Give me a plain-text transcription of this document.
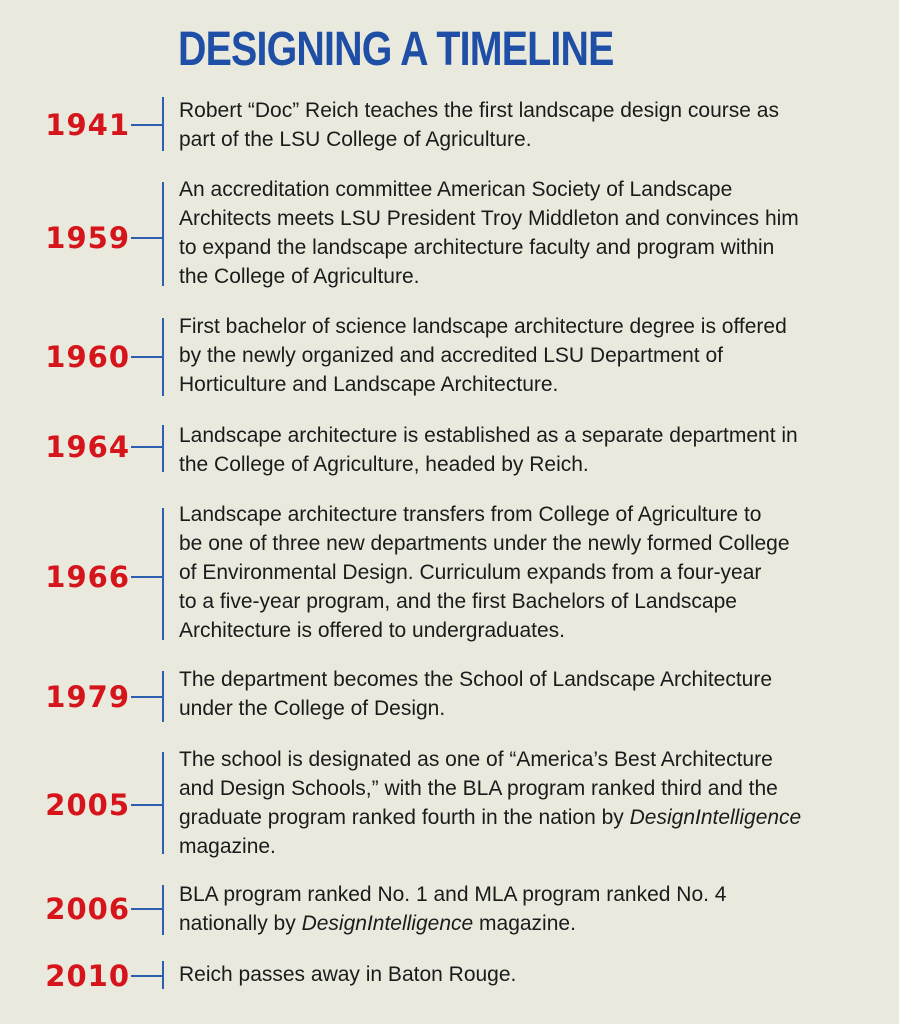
DESIGNING A TIMELINE
1941 Robert “Doc” Reich teaches the first landscape design course as
part of the LSU College of Agriculture.

1959

An accreditation committee American Society of Landscape
Architects meets LSU President Troy Middleton and convinces him
to expand the landscape architecture faculty and program within
the College of Agriculture.

1960

First bachelor of science landscape architecture degree is offered
by the newly organized and accredited LSU Department of
Horticulture and Landscape Architecture.

1964 Landscape architecture is established as a separate department in
the College of Agriculture, headed by Reich.

1966

Landscape architecture transfers from College of Agriculture to
be one of three new departments under the newly formed College
of Environmental Design. Curriculum expands from a four-year
to a five-year program, and the first Bachelors of Landscape
Architecture is offered to undergraduates.

1979

The department becomes the School of Landscape Architecture
under the College of Design.

2005

The school is designated as one of “America’s Best Architecture
and Design Schools,” with the BLA program ranked third and the
graduate program ranked fourth in the nation by DesignIntelligence
magazine.

2006 BLA program ranked No. 1 and MLA program ranked No. 4
nationally by DesignIntelligence magazine.

2010 Reich passes away in Baton Rouge.
